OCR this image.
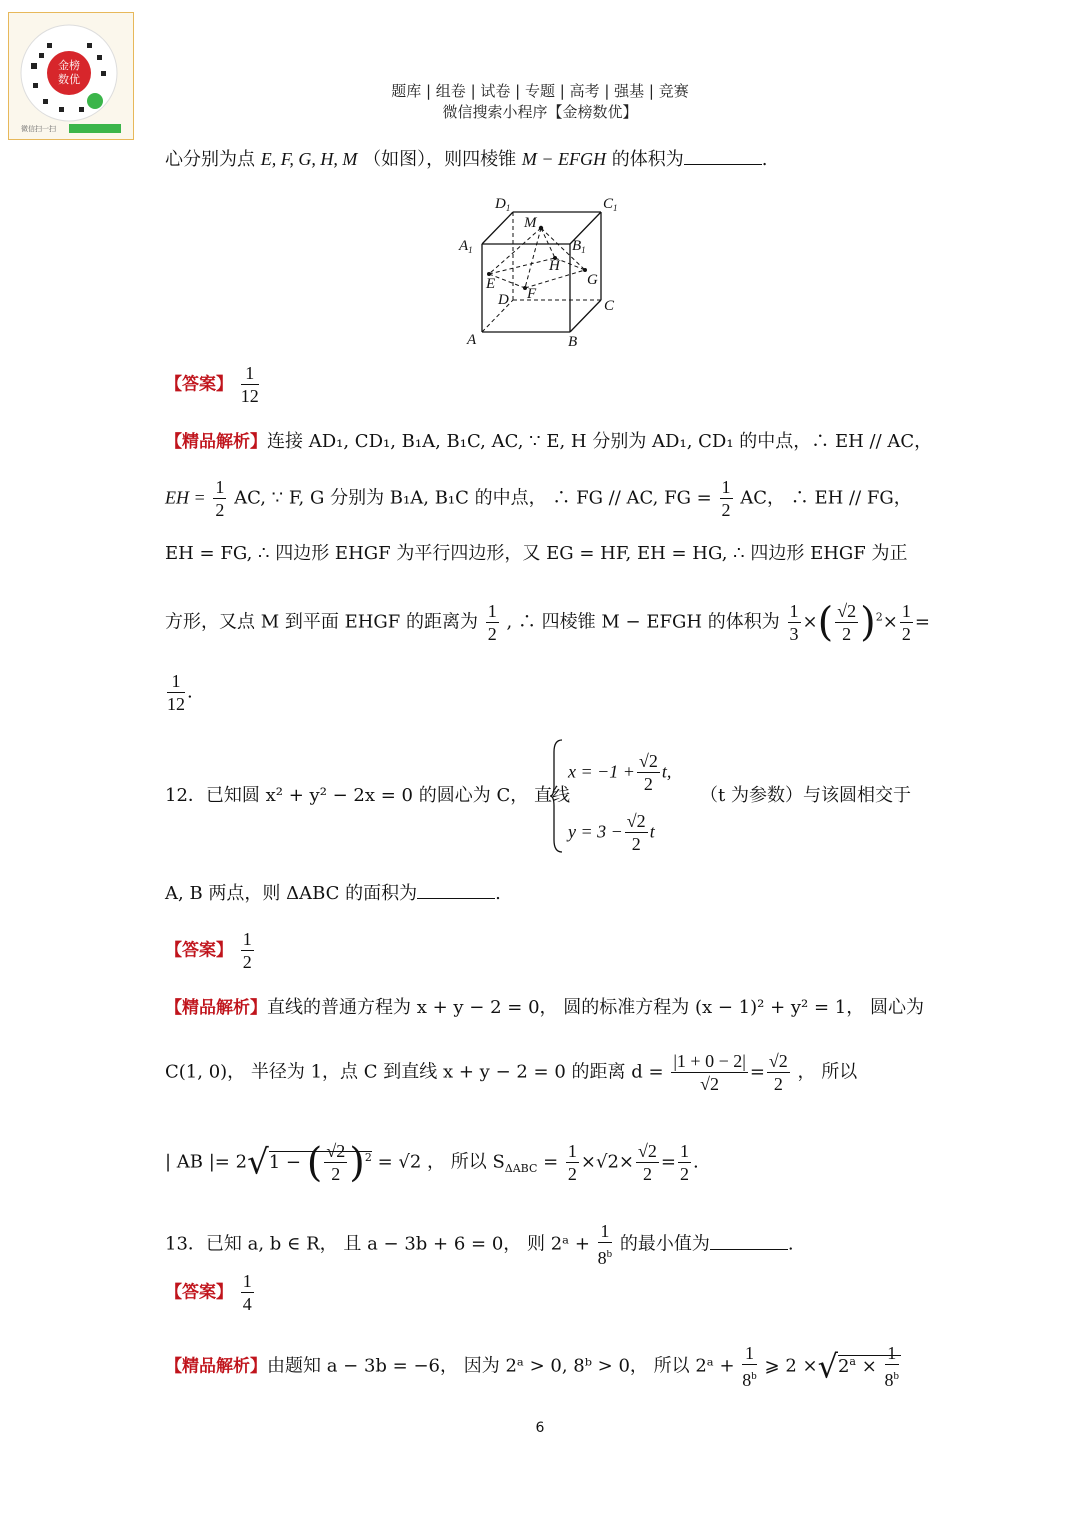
金榜
数优
微信扫一扫
题库 | 组卷 | 试卷 | 专题 | 高考 | 强基 | 竞赛
微信搜索小程序【金榜数优】
心分别为点 E, F, G, H, M （如图），则四棱锥 M − EFGH 的体积为	.
$D_1$	$C_1$
$A_1$	$B_1$
M
H
G
E
D F
C
A	B
【答案】 $\frac{1}{12}$
【精品解析】连接 AD₁, CD₁, B₁A, B₁C, AC, ∵ E, H 分别为 AD₁, CD₁ 的中点，∴ EH // AC，
EH = $\frac{1}{2}$ AC, ∵ F, G 分别为 B₁A, B₁C 的中点， ∴ FG // AC, FG = $\frac{1}{2}$ AC， ∴ EH // FG，
EH = FG, ∴ 四边形 EHGF 为平行四边形，又 EG = HF, EH = HG, ∴ 四边形 EHGF 为正
方形，又点 M 到平面 EHGF 的距离为 $\frac{1}{2}$ , ∴ 四棱锥 M − EFGH 的体积为 $\frac{1}{3}$ ×( $\frac{√2}{2} )^2\times \frac{1}{2}$ =
$\frac{1}{12}$ .
12．已知圆 x² + y² − 2x = 0 的圆心为 C， 直线
$x = -1 + \frac{√2}{2} t$,
$y = 3 - \frac{√2}{2}$ t
（t 为参数）与该圆相交于
A, B 两点，则 ΔABC 的面积为	.
【答案】 $\frac{1}{2}$
【精品解析】直线的普通方程为 x + y − 2 = 0， 圆的标准方程为 (x − 1)² + y² = 1， 圆心为
C(1, 0)， 半径为 1，点 C 到直线 x + y − 2 = 0 的距离 $d = \frac{|1 + 0 - 2|}{√2} = \frac{√2}{2}$ ， 所以
| AB |= 2√1 − ( $\frac{√2}{2} )^2 = √2$ ， 所以 $S_{\Delta ABC} = \frac{1}{2} \times√2\times \frac{√2}{2} = \frac{1}{2}$ .
13．已知 a, b ∈ R， 且 a − 3b + 6 = 0， 则 2ᵃ + $\frac{1}{8^b}$ 的最小值为	.
【答案】 $\frac{1}{4}$
【精品解析】由题知 a − 3b = −6， 因为 2ᵃ > 0, 8ᵇ > 0， 所以 2ᵃ + $\frac{1}{8^b}$ ⩾ $2 \times√2^a \times \frac{1}{8^b}$
6
